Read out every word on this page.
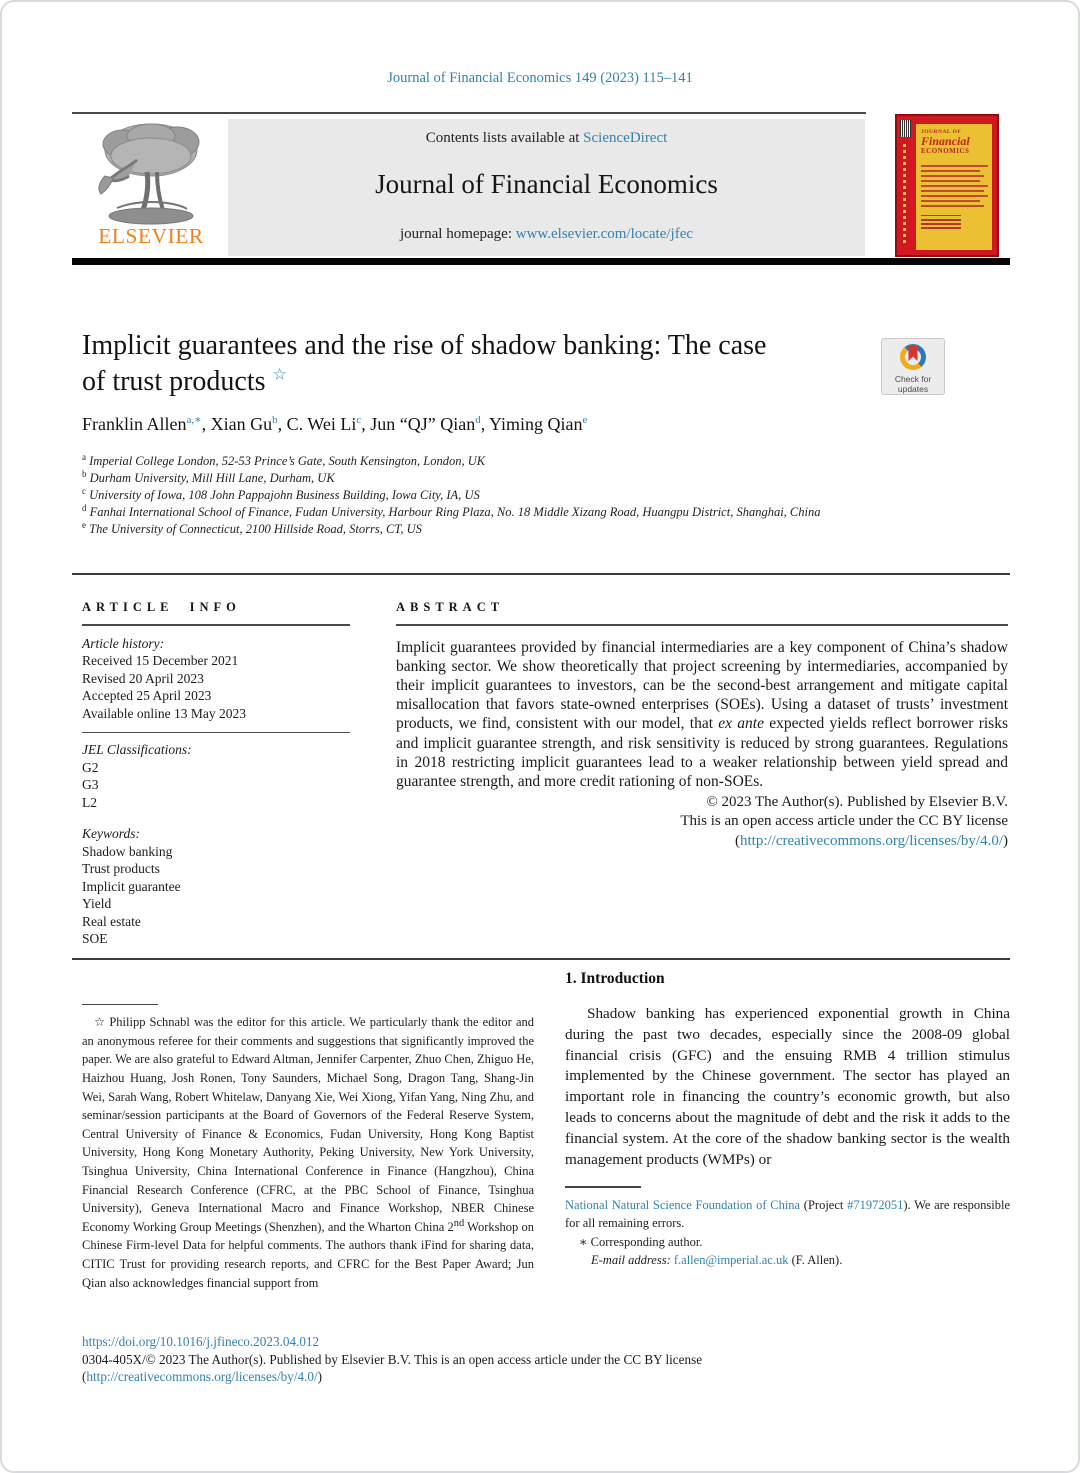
Journal of Financial Economics 149 (2023) 115–141
ELSEVIER
Contents lists available at ScienceDirect
Journal of Financial Economics
journal homepage: www.elsevier.com/locate/jfec
JOURNAL OF
Financial
ECONOMICS
Implicit guarantees and the rise of shadow banking: The case
of trust products ☆	Check for
updates
Franklin Allen$^{a,∗}$, Xian Gu$^b$, C. Wei Li$^c$, Jun “QJ” Qian$^d$, Yiming Qian$^e$
$^a$ Imperial College London, 52-53 Prince’s Gate, South Kensington, London, UK
$^b$ Durham University, Mill Hill Lane, Durham, UK
$^c$ University of Iowa, 108 John Pappajohn Business Building, Iowa City, IA, US
$^d$ Fanhai International School of Finance, Fudan University, Harbour Ring Plaza, No. 18 Middle Xizang Road, Huangpu District, Shanghai, China
$^e$ The University of Connecticut, 2100 Hillside Road, Storrs, CT, US
ARTICLE INFO
Article history:
Received 15 December 2021
Revised 20 April 2023
Accepted 25 April 2023
Available online 13 May 2023
JEL Classifications:
G2
G3
L2
Keywords:
Shadow banking
Trust products
Implicit guarantee
Yield
Real estate
SOE
ABSTRACT
Implicit guarantees provided by financial intermediaries are a key component of China’s shadow banking sector. We show theoretically that project screening by intermediaries, accompanied by their implicit guarantees to investors, can be the second-best arrangement and mitigate capital misallocation that favors state-owned enterprises (SOEs). Using a dataset of trusts’ investment products, we find, consistent with our model, that ex ante expected yields reflect borrower risks and implicit guarantee strength, and risk sensitivity is reduced by strong guarantees. Regulations in 2018 restricting implicit guarantees lead to a weaker relationship between yield spread and guarantee strength, and more credit rationing of non-SOEs.
© 2023 The Author(s). Published by Elsevier B.V.
This is an open access article under the CC BY license
(http://creativecommons.org/licenses/by/4.0/)
☆ Philipp Schnabl was the editor for this article. We particularly thank the editor and an anonymous referee for their comments and suggestions that significantly improved the paper. We are also grateful to Edward Altman, Jennifer Carpenter, Zhuo Chen, Zhiguo He, Haizhou Huang, Josh Ronen, Tony Saunders, Michael Song, Dragon Tang, Shang-Jin Wei, Sarah Wang, Robert Whitelaw, Danyang Xie, Wei Xiong, Yifan Yang, Ning Zhu, and seminar/session participants at the Board of Governors of the Federal Reserve System, Central University of Finance & Economics, Fudan University, Hong Kong Baptist University, Hong Kong Monetary Authority, Peking University, New York University, Tsinghua University, China International Conference in Finance (Hangzhou), China Financial Research Conference (CFRC, at the PBC School of Finance, Tsinghua University), Geneva International Macro and Finance Workshop, NBER Chinese Economy Working Group Meetings (Shenzhen), and the Wharton China 2nd Workshop on Chinese Firm-level Data for helpful comments. The authors thank iFind for sharing data, CITIC Trust for providing research reports, and CFRC for the Best Paper Award; Jun Qian also acknowledges financial support from
1. Introduction
Shadow banking has experienced exponential growth in China during the past two decades, especially since the 2008-09 global financial crisis (GFC) and the ensuing RMB 4 trillion stimulus implemented by the Chinese government. The sector has played an important role in financing the country’s economic growth, but also leads to concerns about the magnitude of debt and the risk it adds to the financial system. At the core of the shadow banking sector is the wealth management products (WMPs) or
National Natural Science Foundation of China (Project #71972051). We are responsible for all remaining errors.
∗ Corresponding author.
E-mail address: f.allen@imperial.ac.uk (F. Allen).
https://doi.org/10.1016/j.jfineco.2023.04.012
0304-405X/© 2023 The Author(s). Published by Elsevier B.V. This is an open access article under the CC BY license
(http://creativecommons.org/licenses/by/4.0/)
